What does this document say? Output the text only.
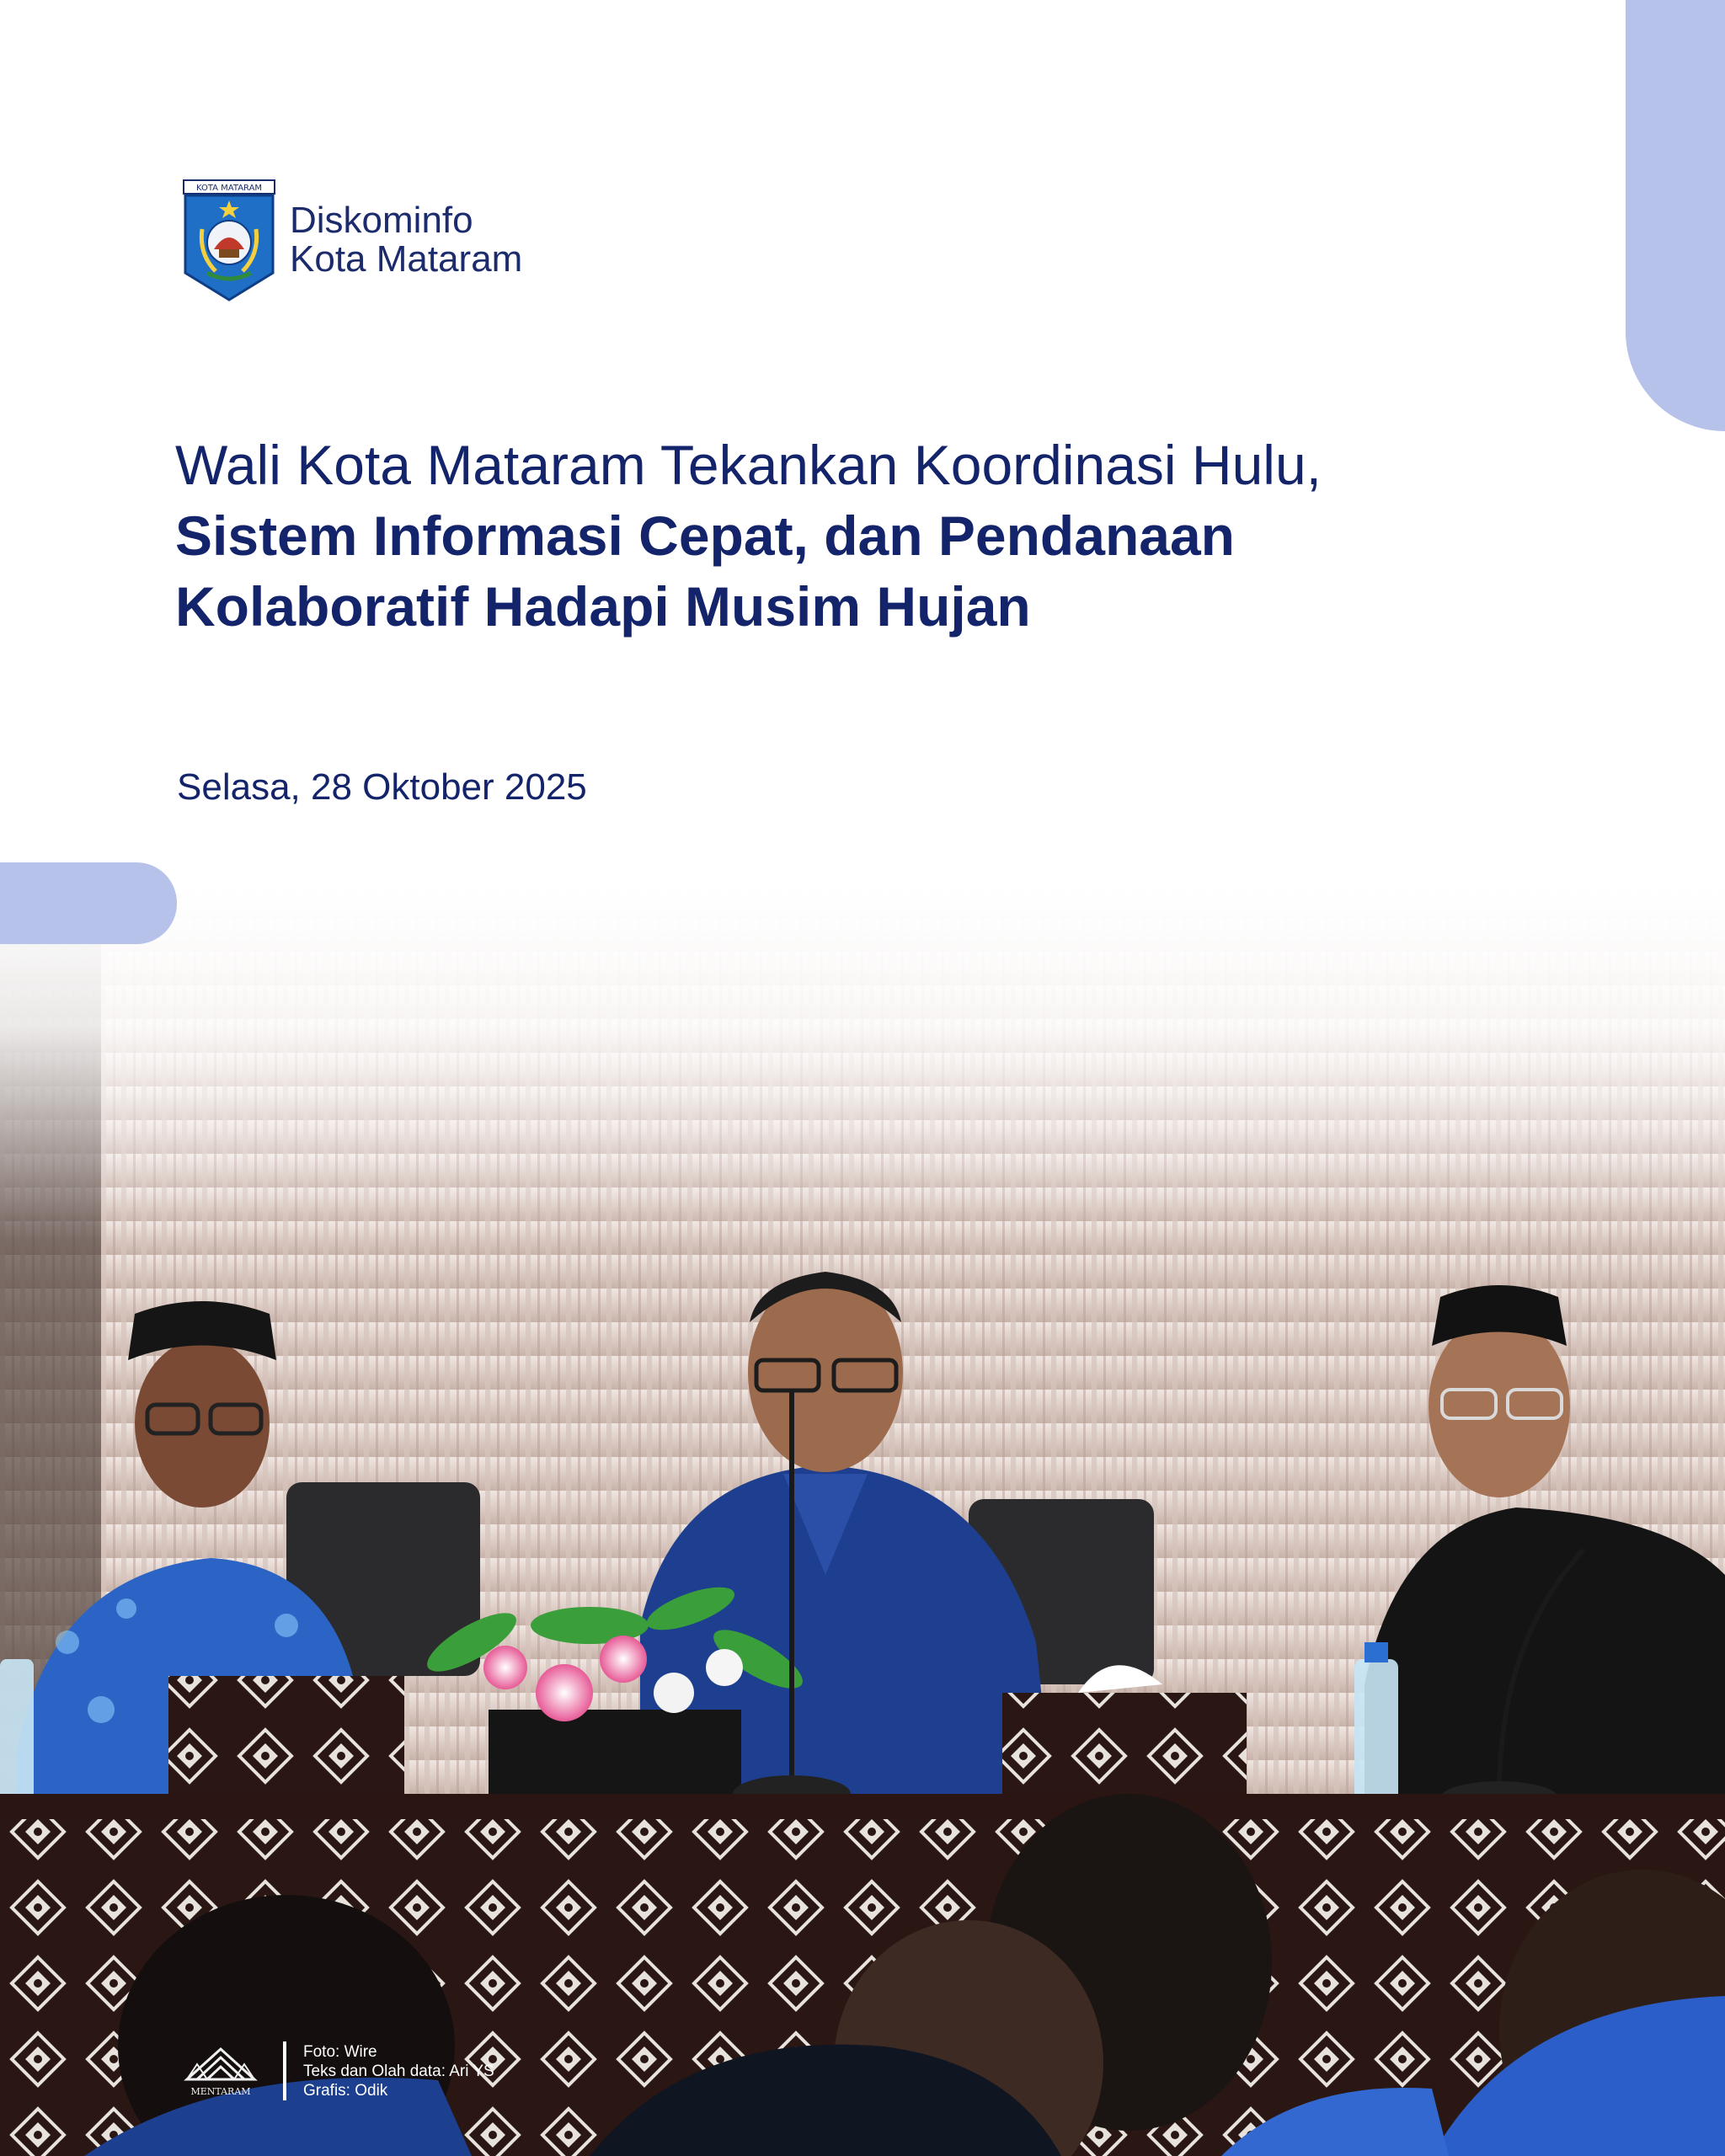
KOTA MATARAM
Diskominfo
Kota Mataram
Wali Kota Mataram Tekankan Koordinasi Hulu,
Sistem Informasi Cepat, dan Pendanaan
Kolaboratif Hadapi Musim Hujan
Selasa, 28 Oktober 2025
MENTARAM
Foto: Wire
Teks dan Olah data: Ari YS
Grafis: Odik
